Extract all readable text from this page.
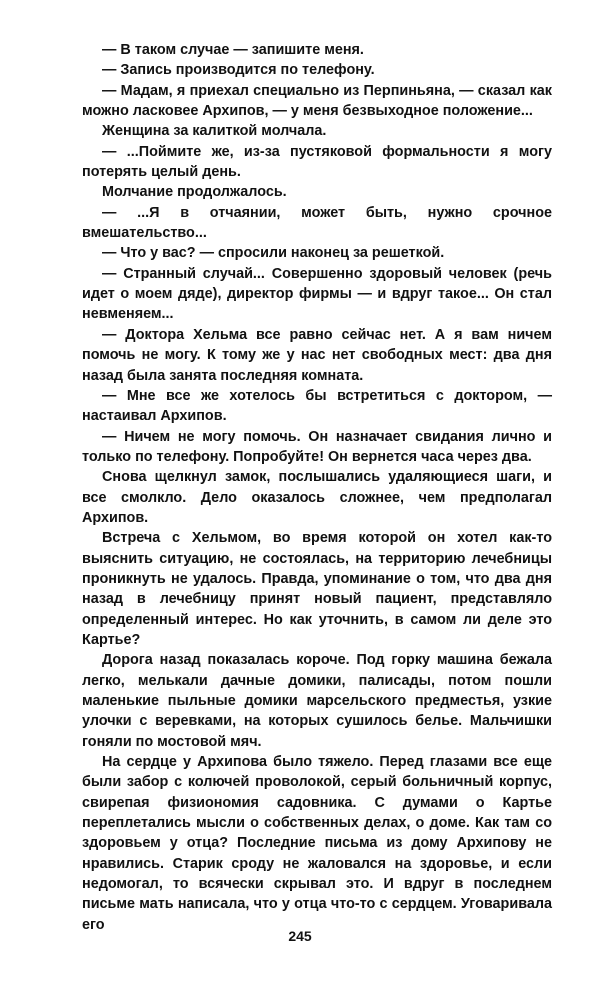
— В таком случае — запишите меня.

— Запись производится по телефону.

— Мадам, я приехал специально из Перпиньяна, — сказал как можно ласковее Архипов, — у меня безвыходное положение...

Женщина за калиткой молчала.

— ...Поймите же, из-за пустяковой формальности я могу потерять целый день.

Молчание продолжалось.

— ...Я в отчаянии, может быть, нужно срочное вмешательство...

— Что у вас? — спросили наконец за решеткой.

— Странный случай... Совершенно здоровый человек (речь идет о моем дяде), директор фирмы — и вдруг такое... Он стал невменяем...

— Доктора Хельма все равно сейчас нет. А я вам ничем помочь не могу. К тому же у нас нет свободных мест: два дня назад была занята последняя комната.

— Мне все же хотелось бы встретиться с доктором, — настаивал Архипов.

— Ничем не могу помочь. Он назначает свидания лично и только по телефону. Попробуйте! Он вернется часа через два.

Снова щелкнул замок, послышались удаляющиеся шаги, и все смолкло. Дело оказалось сложнее, чем предполагал Архипов.

Встреча с Хельмом, во время которой он хотел как-то выяснить ситуацию, не состоялась, на территорию лечебницы проникнуть не удалось. Правда, упоминание о том, что два дня назад в лечебницу принят новый пациент, представляло определенный интерес. Но как уточнить, в самом ли деле это Картье?

Дорога назад показалась короче. Под горку машина бежала легко, мелькали дачные домики, палисады, потом пошли маленькие пыльные домики марсельского предместья, узкие улочки с веревками, на которых сушилось белье. Мальчишки гоняли по мостовой мяч.

На сердце у Архипова было тяжело. Перед глазами все еще были забор с колючей проволокой, серый больничный корпус, свирепая физиономия садовника. С думами о Картье переплетались мысли о собственных делах, о доме. Как там со здоровьем у отца? Последние письма из дому Архипову не нравились. Старик сроду не жаловался на здоровье, и если недомогал, то всячески скрывал это. И вдруг в последнем письме мать написала, что у отца что-то с сердцем. Уговаривала его

245
